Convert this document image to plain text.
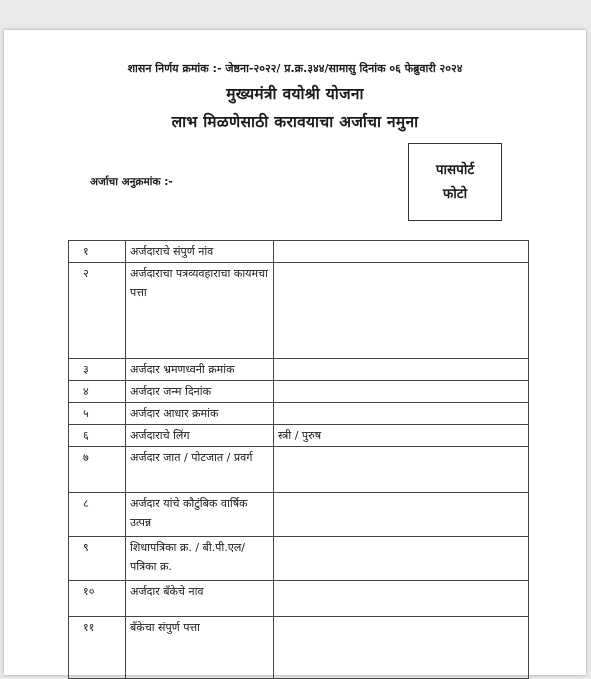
शासन निर्णय क्रमांक :- जेष्ठना-२०२२/ प्र.क्र.३४४/सामासु दिनांक ०६ फेब्रुवारी २०२४
मुख्यमंत्री वयोश्री योजना
लाभ मिळणेसाठी करावयाचा अर्जाचा नमुना
अर्जाचा अनुक्रमांक :-
पासपोर्ट
फोटो
१	अर्जदाराचे संपुर्ण नांव	
२	अर्जदाराचा पत्रव्यवहाराचा कायमचा पत्ता	
३	अर्जदार भ्रमणध्वनी क्रमांक	
४	अर्जदार जन्म दिनांक	
५	अर्जदार आधार क्रमांक	
६	अर्जदाराचे लिंग	स्त्री / पुरुष
७	अर्जदार जात / पोटजात / प्रवर्ग	
८	अर्जदार यांचे कौटुंबिक वार्षिक उत्पन्न	
९	शिधापत्रिका क्र. / बी.पी.एल/ पत्रिका क्र.	
१०	अर्जदार बँकेचे नाव	
११	बँकेचा संपुर्ण पत्ता	
